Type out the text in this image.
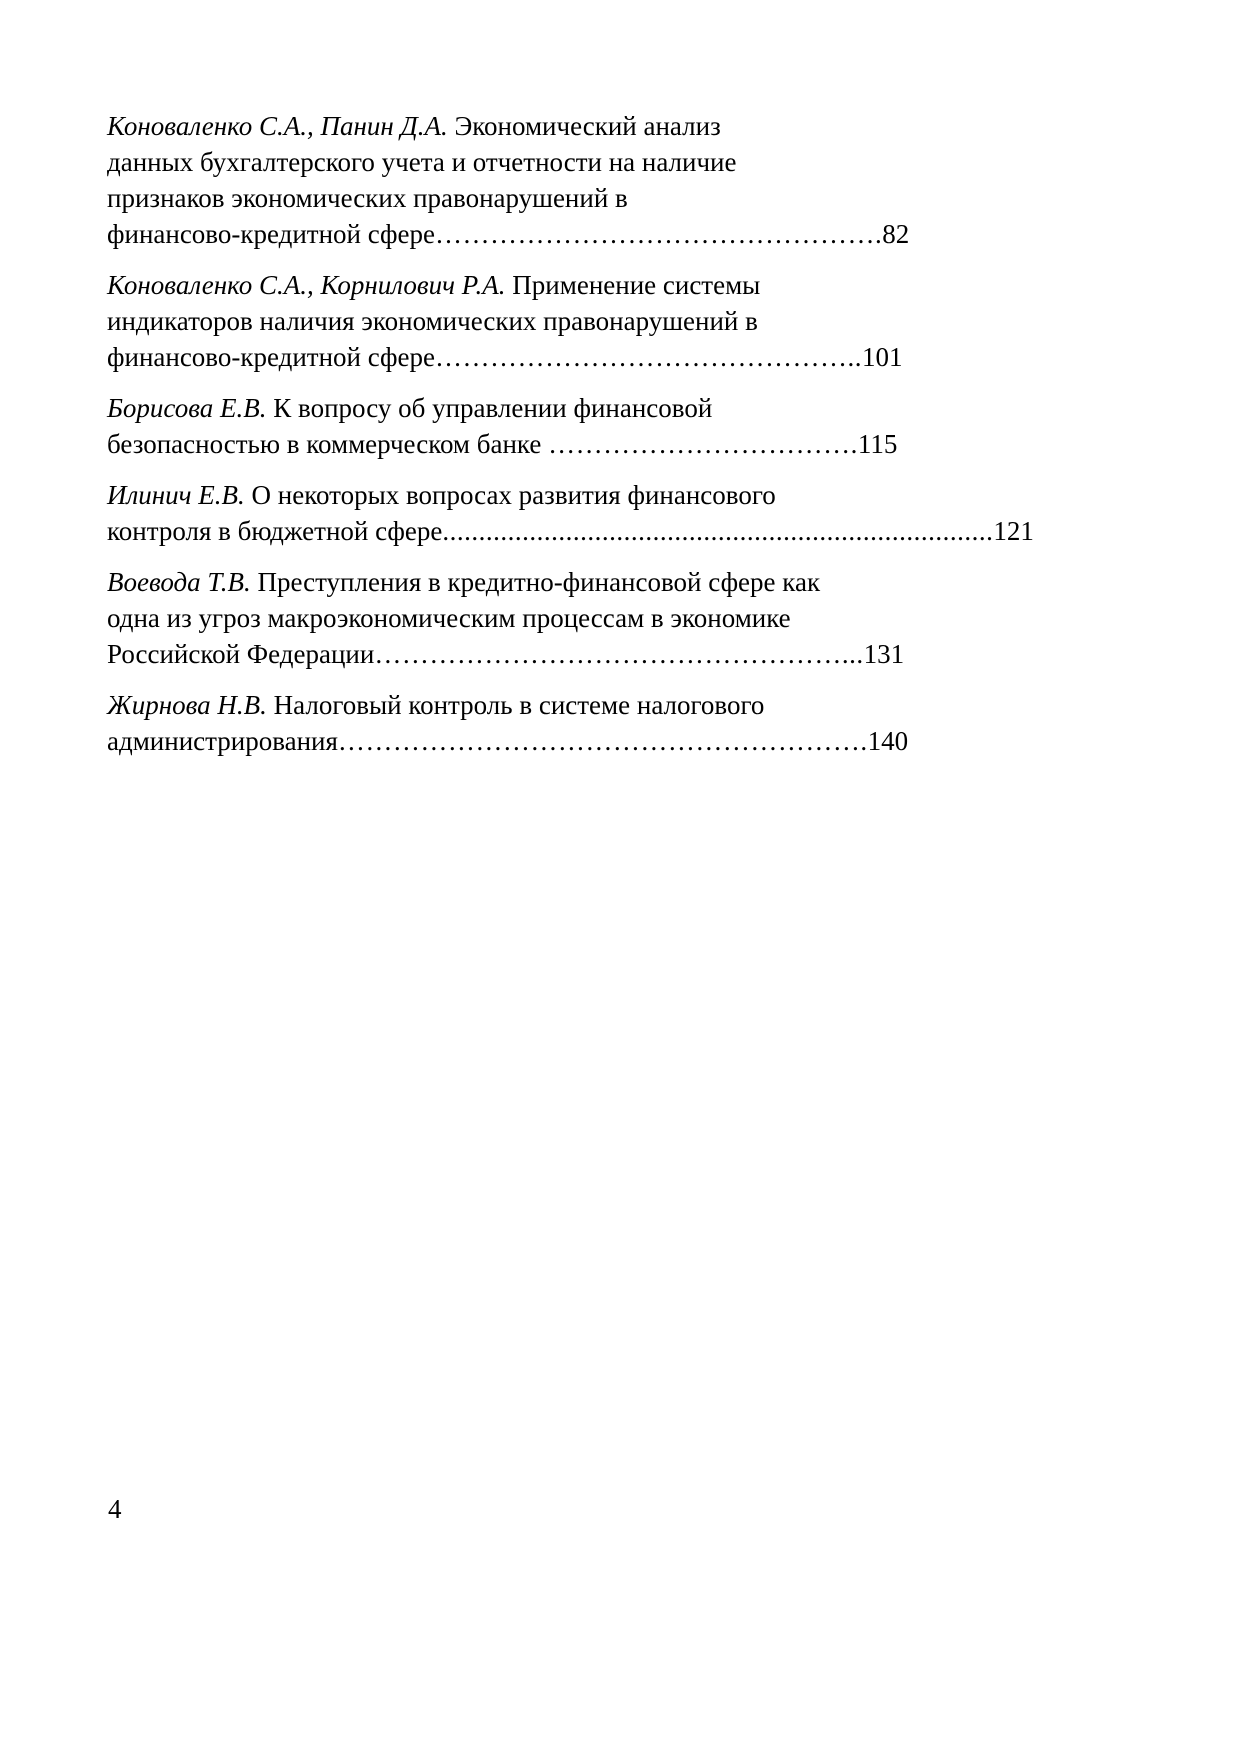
Коноваленко С.А., Панин Д.А. Экономический анализ
данных бухгалтерского учета и отчетности на наличие
признаков экономических правонарушений в
финансово-кредитной сфере………………………………………….82

Коноваленко С.А., Корнилович Р.А. Применение системы
индикаторов наличия экономических правонарушений в
финансово-кредитной сфере………………………………………..101

Борисова Е.В. К вопросу об управлении финансовой
безопасностью в коммерческом банке …………………………….115

Илинич Е.В. О некоторых вопросах развития финансового
контроля в бюджетной сфере............................................................................121

Воевода Т.В. Преступления в кредитно-финансовой сфере как
одна из угроз макроэкономическим процессам в экономике
Российской Федерации……………………………………………...131

Жирнова Н.В. Налоговый контроль в системе налогового
администрирования………………………………………………….140

4
